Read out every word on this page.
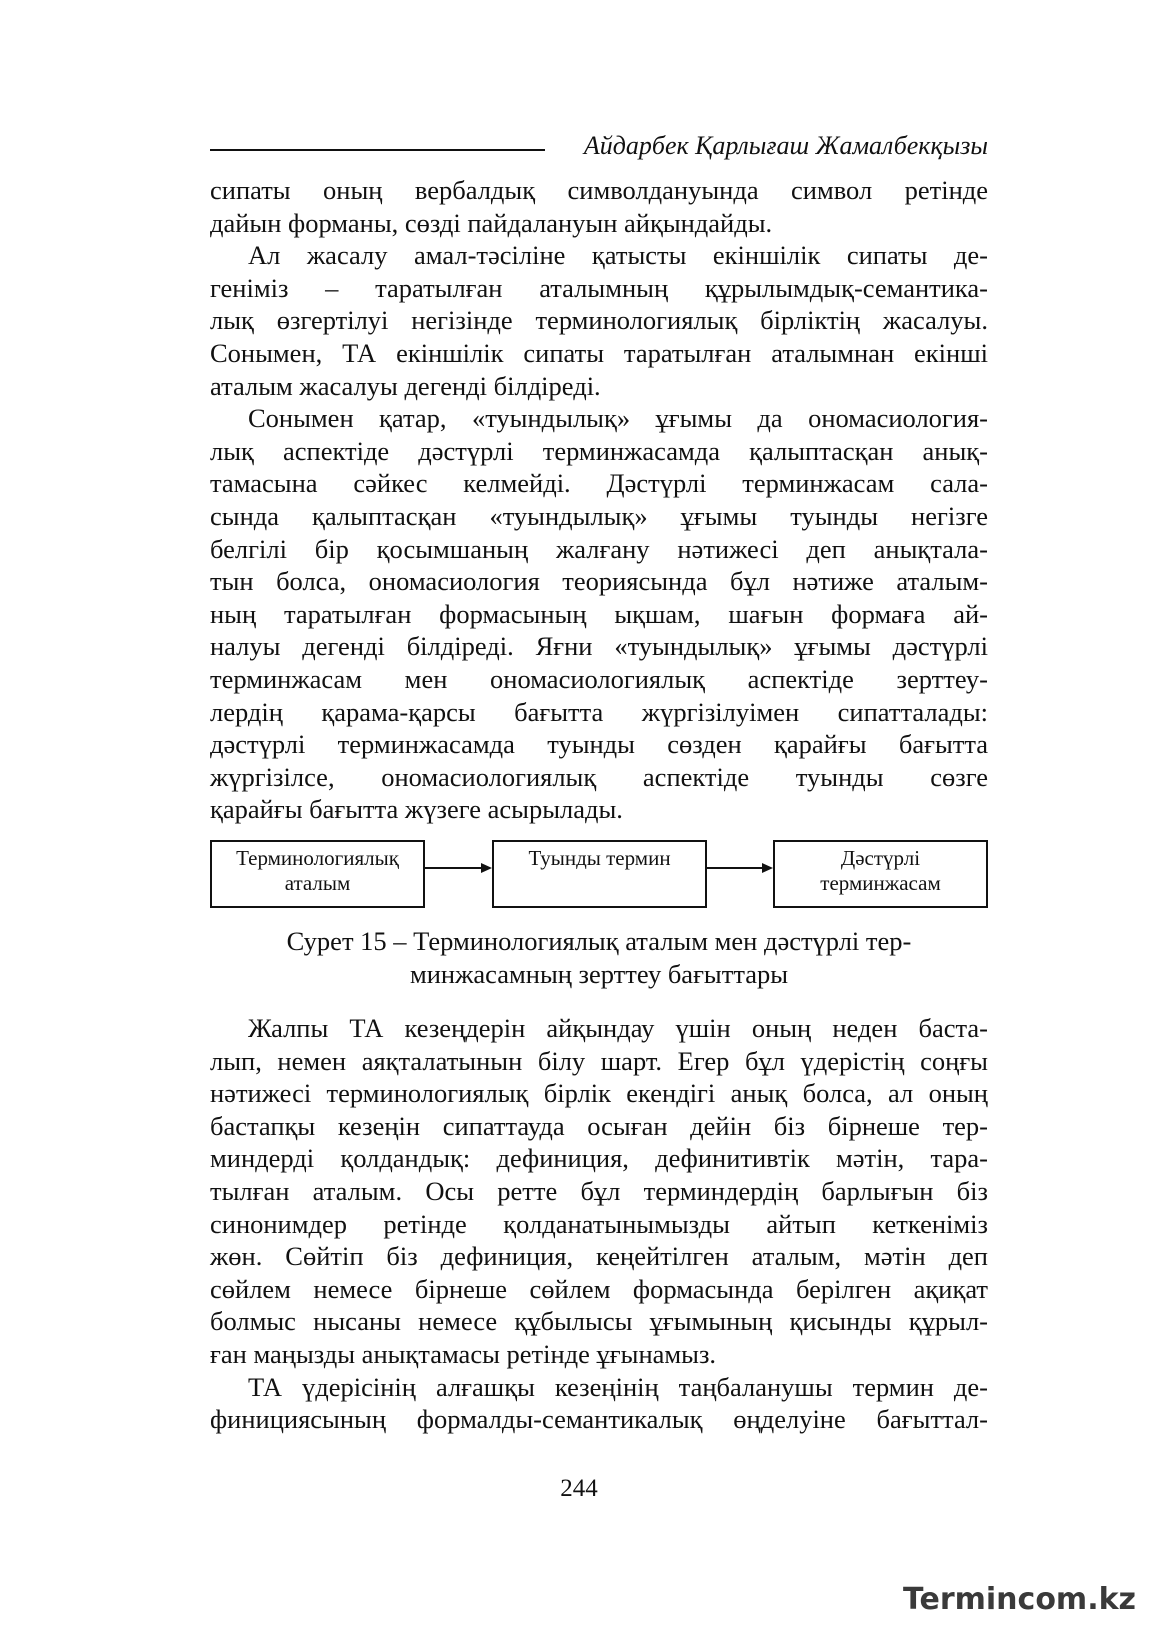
Айдарбек Қарлығаш Жамалбекқызы

сипаты оның вербалдық символдануында символ ретінде

дайын форманы, сөзді пайдалануын айқындайды.

Ал жасалу амал-тәсіліне қатысты екіншілік сипаты де-

геніміз – таратылған аталымның құрылымдық-семантика-

лық өзгертілуі негізінде терминологиялық бірліктің жасалуы.

Сонымен, ТА екіншілік сипаты таратылған аталымнан екінші

аталым жасалуы дегенді білдіреді.

Сонымен қатар, «туындылық» ұғымы да ономасиология-

лық аспектіде дәстүрлі терминжасамда қалыптасқан анық-

тамасына сәйкес келмейді. Дәстүрлі терминжасам сала-

сында қалыптасқан «туындылық» ұғымы туынды негізге

белгілі бір қосымшаның жалғану нәтижесі деп анықтала-

тын болса, ономасиология теориясында бұл нәтиже аталым-

ның таратылған формасының ықшам, шағын формаға ай-

налуы дегенді білдіреді. Яғни «туындылық» ұғымы дәстүрлі

терминжасам мен ономасиологиялық аспектіде зерттеу-

лердің қарама-қарсы бағытта жүргізілуімен сипатталады:

дәстүрлі терминжасамда туынды сөзден қарайғы бағытта

жүргізілсе, ономасиологиялық аспектіде туынды сөзге

қарайғы бағытта жүзеге асырылады.

Терминологиялық
аталым
Туынды термин	Дәстүрлі
терминжасам
Сурет 15 – Терминологиялық аталым мен дәстүрлі тер-
минжасамның зерттеу бағыттары

Жалпы ТА кезеңдерін айқындау үшін оның неден баста-

лып, немен аяқталатынын білу шарт. Егер бұл үдерістің соңғы

нәтижесі терминологиялық бірлік екендігі анық болса, ал оның

бастапқы кезеңін сипаттауда осыған дейін біз бірнеше тер-

миндерді қолдандық: дефиниция, дефинитивтік мәтін, тара-

тылған аталым. Осы ретте бұл терминдердің барлығын біз

синонимдер ретінде қолданатынымызды айтып кеткеніміз

жөн. Сөйтіп біз дефиниция, кеңейтілген аталым, мәтін деп

сөйлем немесе бірнеше сөйлем формасында берілген ақиқат

болмыс нысаны немесе құбылысы ұғымының қисынды құрыл-

ған маңызды анықтамасы ретінде ұғынамыз.

ТА үдерісінің алғашқы кезеңінің таңбаланушы термин де-

финициясының формалды-семантикалық өңделуіне бағыттал-

244
Termincom.kz
